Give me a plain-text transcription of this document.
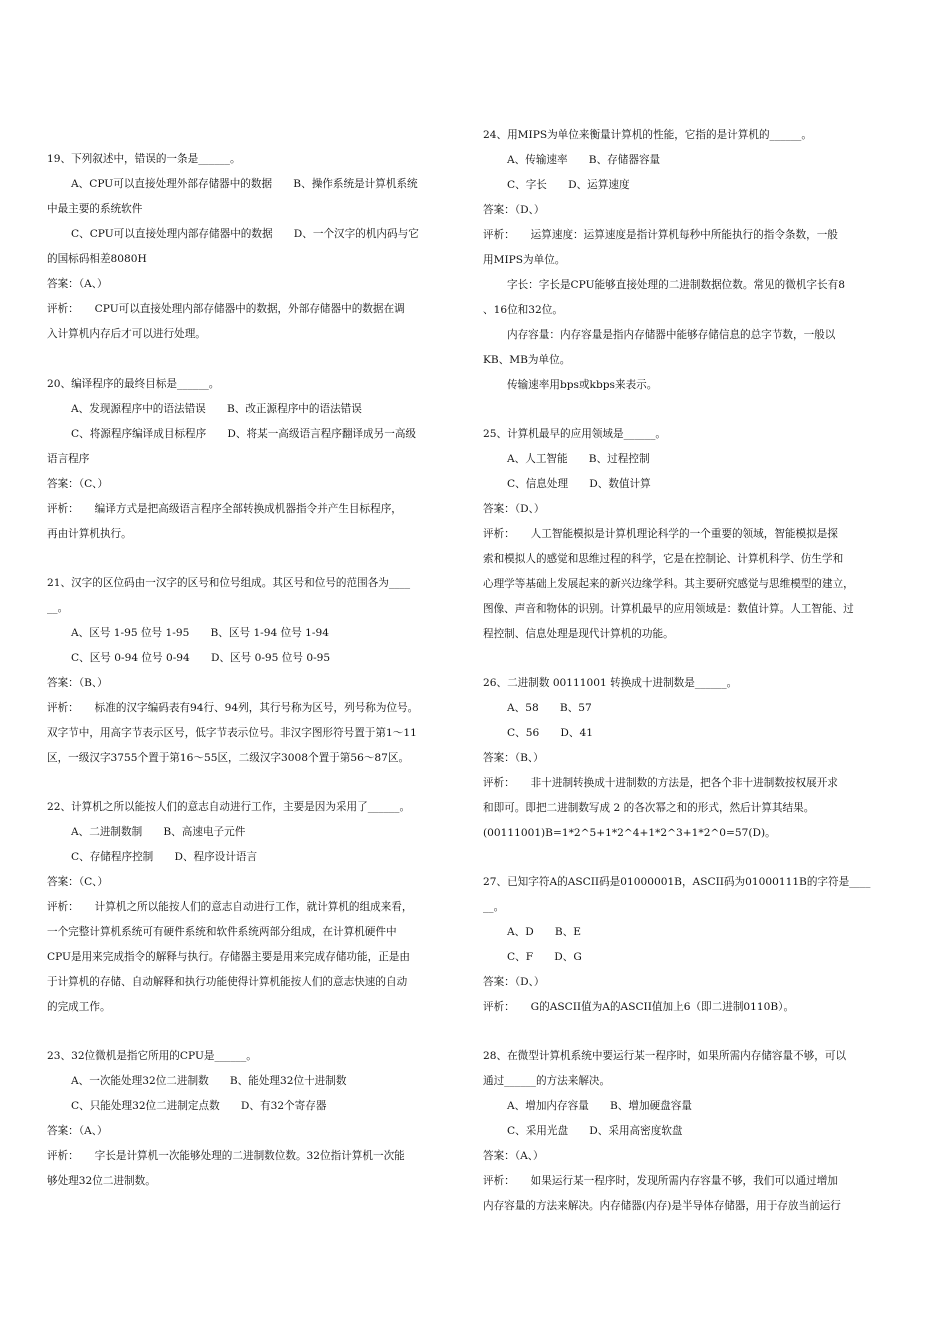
19、下列叙述中，错误的一条是______。
A、CPU可以直接处理外部存储器中的数据　　B、操作系统是计算机系统
中最主要的系统软件
C、CPU可以直接处理内部存储器中的数据　　D、一个汉字的机内码与它
的国标码相差8080H
答案：（A、）
评析：　　CPU可以直接处理内部存储器中的数据，外部存储器中的数据在调
入计算机内存后才可以进行处理。
20、编译程序的最终目标是______。
A、发现源程序中的语法错误　　B、改正源程序中的语法错误
C、将源程序编译成目标程序　　D、将某一高级语言程序翻译成另一高级
语言程序
答案：（C、）
评析：　　编译方式是把高级语言程序全部转换成机器指令并产生目标程序，
再由计算机执行。
21、汉字的区位码由一汉字的区号和位号组成。其区号和位号的范围各为____
__。
A、区号 1-95 位号 1-95　　B、区号 1-94 位号 1-94
C、区号 0-94 位号 0-94　　D、区号 0-95 位号 0-95
答案：（B、）
评析：　　标准的汉字编码表有94行、94列，其行号称为区号，列号称为位号。
双字节中，用高字节表示区号，低字节表示位号。非汉字图形符号置于第1～11
区，一级汉字3755个置于第16～55区，二级汉字3008个置于第56～87区。
22、计算机之所以能按人们的意志自动进行工作，主要是因为采用了______。
A、二进制数制　　B、高速电子元件
C、存储程序控制　　D、程序设计语言
答案：（C、）
评析：　　计算机之所以能按人们的意志自动进行工作，就计算机的组成来看，
一个完整计算机系统可有硬件系统和软件系统两部分组成，在计算机硬件中
CPU是用来完成指令的解释与执行。存储器主要是用来完成存储功能，正是由
于计算机的存储、自动解释和执行功能使得计算机能按人们的意志快速的自动
的完成工作。
23、32位微机是指它所用的CPU是______。
A、一次能处理32位二进制数　　B、能处理32位十进制数
C、只能处理32位二进制定点数　　D、有32个寄存器
答案：（A、）
评析：　　字长是计算机一次能够处理的二进制数位数。32位指计算机一次能
够处理32位二进制数。
24、用MIPS为单位来衡量计算机的性能，它指的是计算机的______。
A、传输速率　　B、存储器容量
C、字长　　D、运算速度
答案：（D、）
评析：　　运算速度：运算速度是指计算机每秒中所能执行的指令条数，一般
用MIPS为单位。
字长：字长是CPU能够直接处理的二进制数据位数。常见的微机字长有8
、16位和32位。
内存容量：内存容量是指内存储器中能够存储信息的总字节数，一般以
KB、MB为单位。
传输速率用bps或kbps来表示。
25、计算机最早的应用领域是______。
A、人工智能　　B、过程控制
C、信息处理　　D、数值计算
答案：（D、）
评析：　　人工智能模拟是计算机理论科学的一个重要的领域，智能模拟是探
索和模拟人的感觉和思维过程的科学，它是在控制论、计算机科学、仿生学和
心理学等基础上发展起来的新兴边缘学科。其主要研究感觉与思维模型的建立，
图像、声音和物体的识别。计算机最早的应用领域是：数值计算。人工智能、过
程控制、信息处理是现代计算机的功能。
26、二进制数 00111001 转换成十进制数是______。
A、58　　B、57
C、56　　D、41
答案：（B、）
评析：　　非十进制转换成十进制数的方法是，把各个非十进制数按权展开求
和即可。即把二进制数写成 2 的各次幂之和的形式，然后计算其结果。
(00111001)B=1*2^5+1*2^4+1*2^3+1*2^0=57(D)。
27、已知字符A的ASCII码是01000001B，ASCII码为01000111B的字符是____
__。
A、D　　B、E
C、F　　D、G
答案：（D、）
评析：　　G的ASCII值为A的ASCII值加上6（即二进制0110B）。
28、在微型计算机系统中要运行某一程序时，如果所需内存储容量不够，可以
通过______的方法来解决。
A、增加内存容量　　B、增加硬盘容量
C、采用光盘　　D、采用高密度软盘
答案：（A、）
评析：　　如果运行某一程序时，发现所需内存容量不够，我们可以通过增加
内存容量的方法来解决。内存储器(内存)是半导体存储器，用于存放当前运行
